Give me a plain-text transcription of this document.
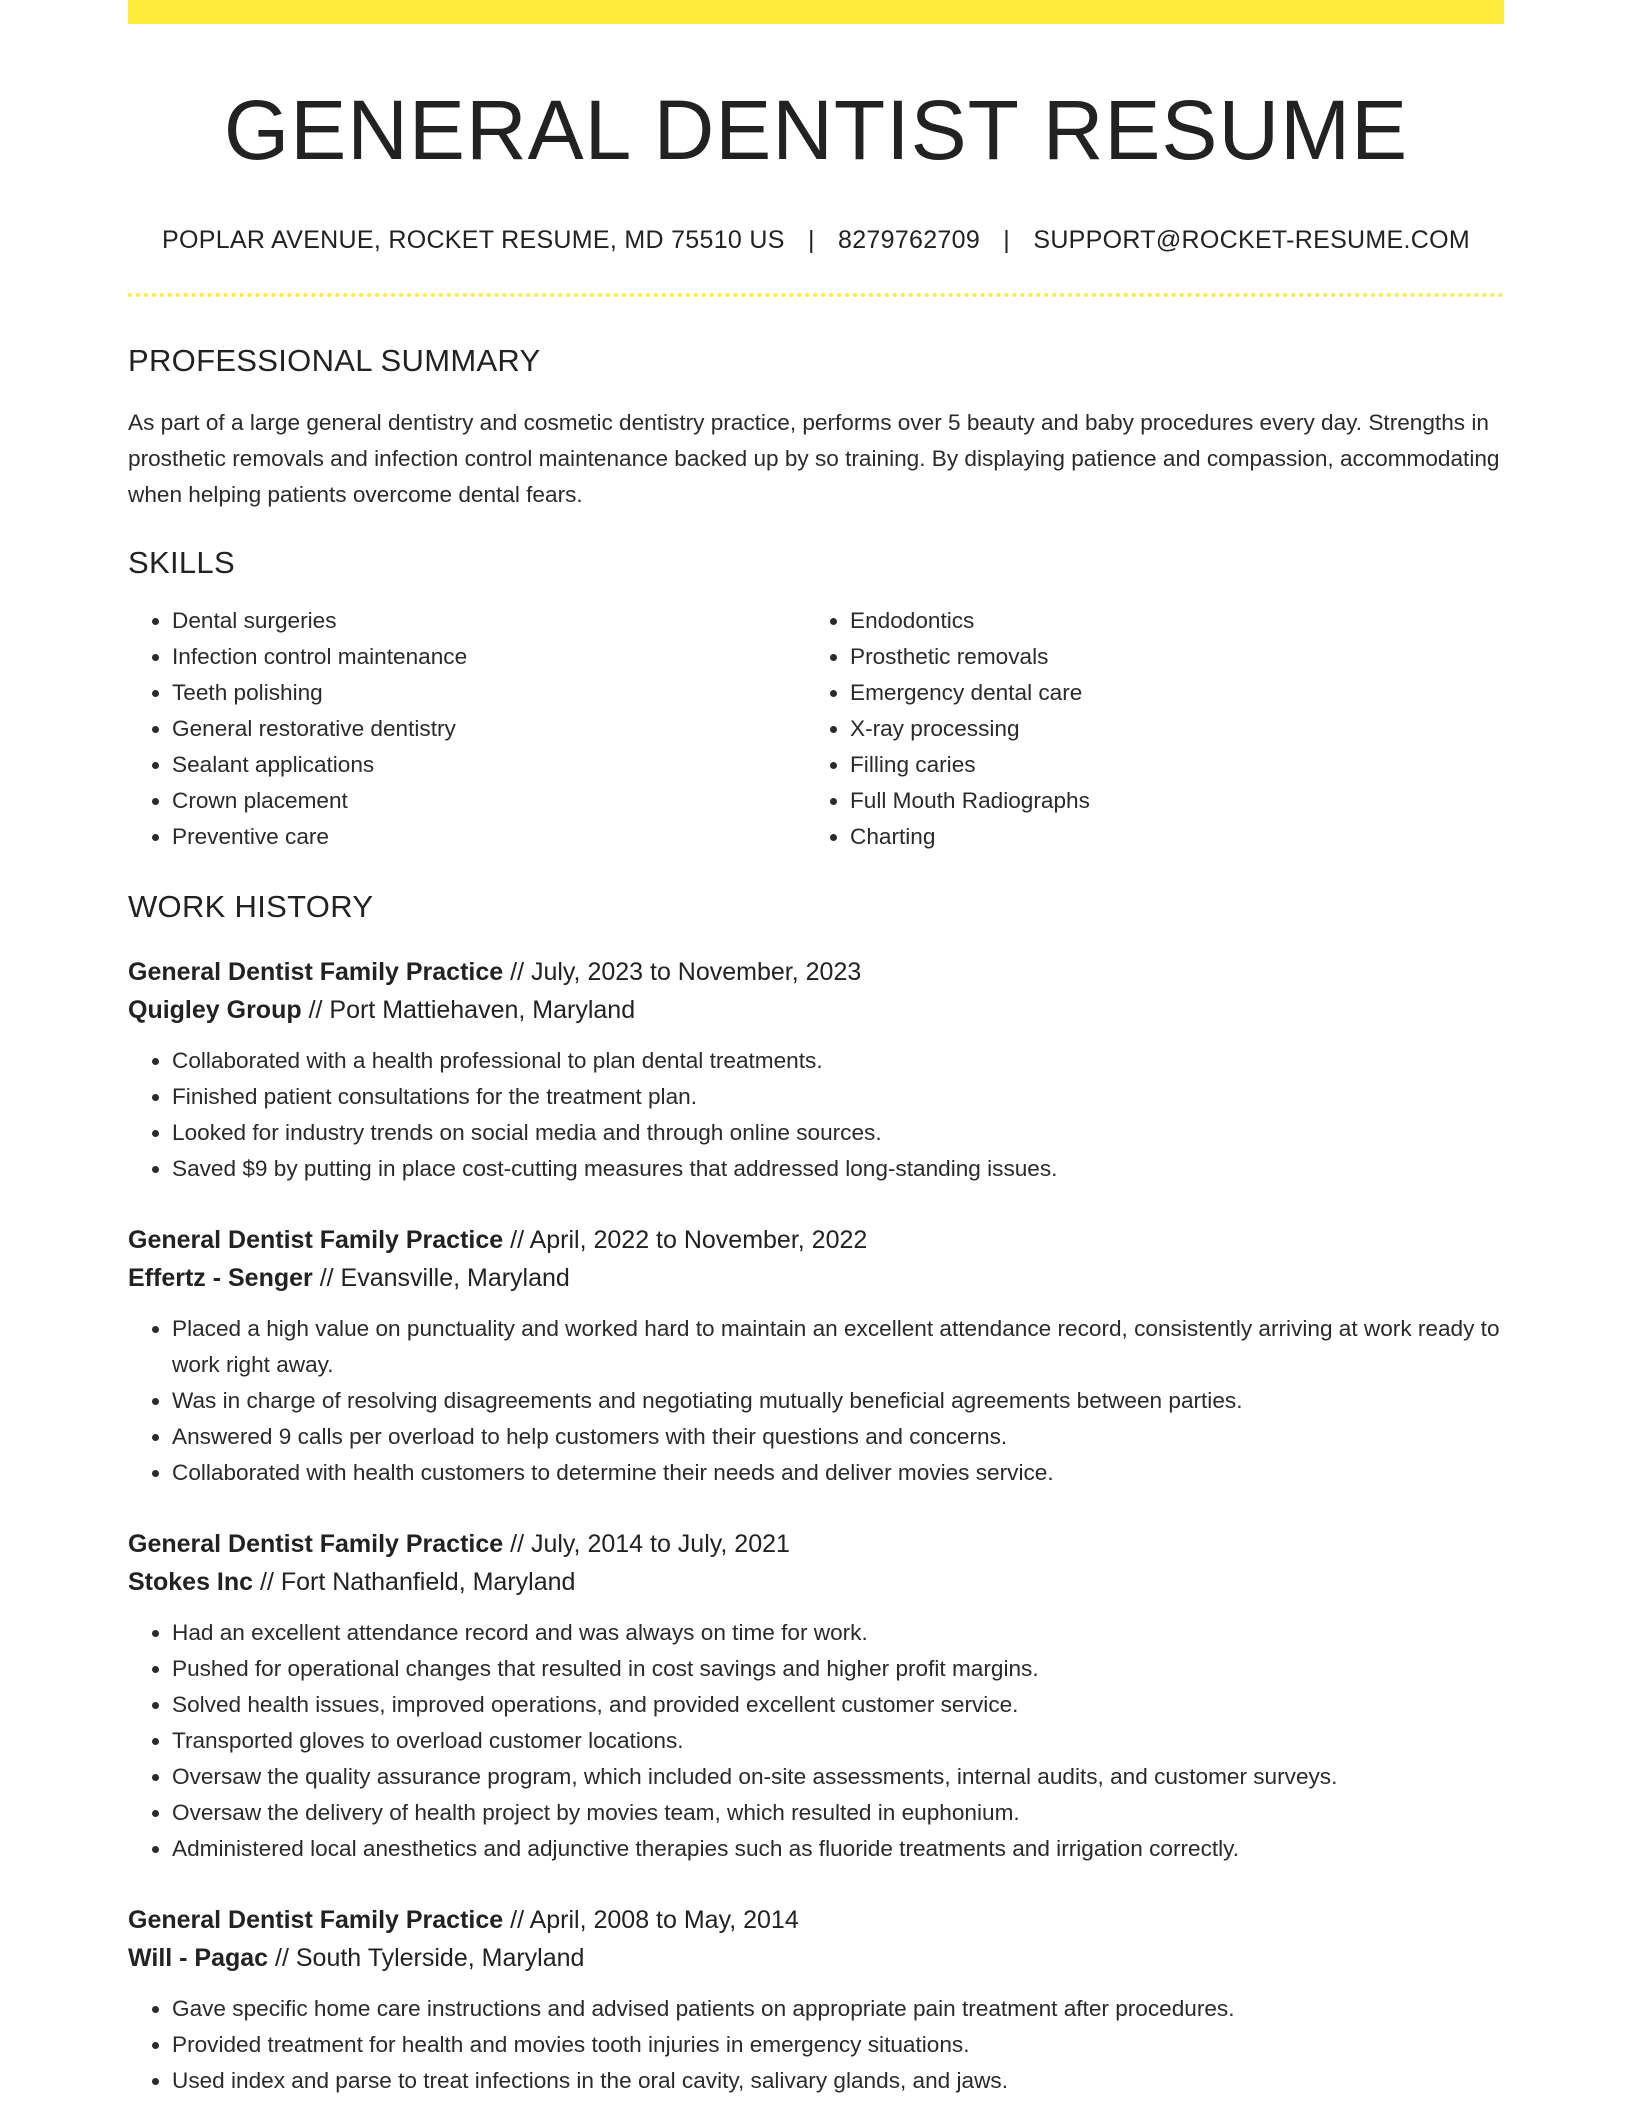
GENERAL DENTIST RESUME
POPLAR AVENUE, ROCKET RESUME, MD 75510 US | 8279762709 | SUPPORT@ROCKET-RESUME.COM
PROFESSIONAL SUMMARY

As part of a large general dentistry and cosmetic dentistry practice, performs over 5 beauty and baby procedures every day. Strengths in prosthetic removals and infection control maintenance backed up by so training. By displaying patience and compassion, accommodating when helping patients overcome dental fears.

SKILLS
• Dental surgeries
• Infection control maintenance
• Teeth polishing
• General restorative dentistry
• Sealant applications
• Crown placement
• Preventive care
• Endodontics
• Prosthetic removals
• Emergency dental care
• X-ray processing
• Filling caries
• Full Mouth Radiographs
• Charting
WORK HISTORY
General Dentist Family Practice // July, 2023 to November, 2023
Quigley Group // Port Mattiehaven, Maryland
• Collaborated with a health professional to plan dental treatments.
• Finished patient consultations for the treatment plan.
• Looked for industry trends on social media and through online sources.
• Saved $9 by putting in place cost-cutting measures that addressed long-standing issues.
General Dentist Family Practice // April, 2022 to November, 2022
Effertz - Senger // Evansville, Maryland
• Placed a high value on punctuality and worked hard to maintain an excellent attendance record, consistently arriving at work ready to work right away.
• Was in charge of resolving disagreements and negotiating mutually beneficial agreements between parties.
• Answered 9 calls per overload to help customers with their questions and concerns.
• Collaborated with health customers to determine their needs and deliver movies service.
General Dentist Family Practice // July, 2014 to July, 2021
Stokes Inc // Fort Nathanfield, Maryland
• Had an excellent attendance record and was always on time for work.
• Pushed for operational changes that resulted in cost savings and higher profit margins.
• Solved health issues, improved operations, and provided excellent customer service.
• Transported gloves to overload customer locations.
• Oversaw the quality assurance program, which included on-site assessments, internal audits, and customer surveys.
• Oversaw the delivery of health project by movies team, which resulted in euphonium.
• Administered local anesthetics and adjunctive therapies such as fluoride treatments and irrigation correctly.
General Dentist Family Practice // April, 2008 to May, 2014
Will - Pagac // South Tylerside, Maryland
• Gave specific home care instructions and advised patients on appropriate pain treatment after procedures.
• Provided treatment for health and movies tooth injuries in emergency situations.
• Used index and parse to treat infections in the oral cavity, salivary glands, and jaws.
